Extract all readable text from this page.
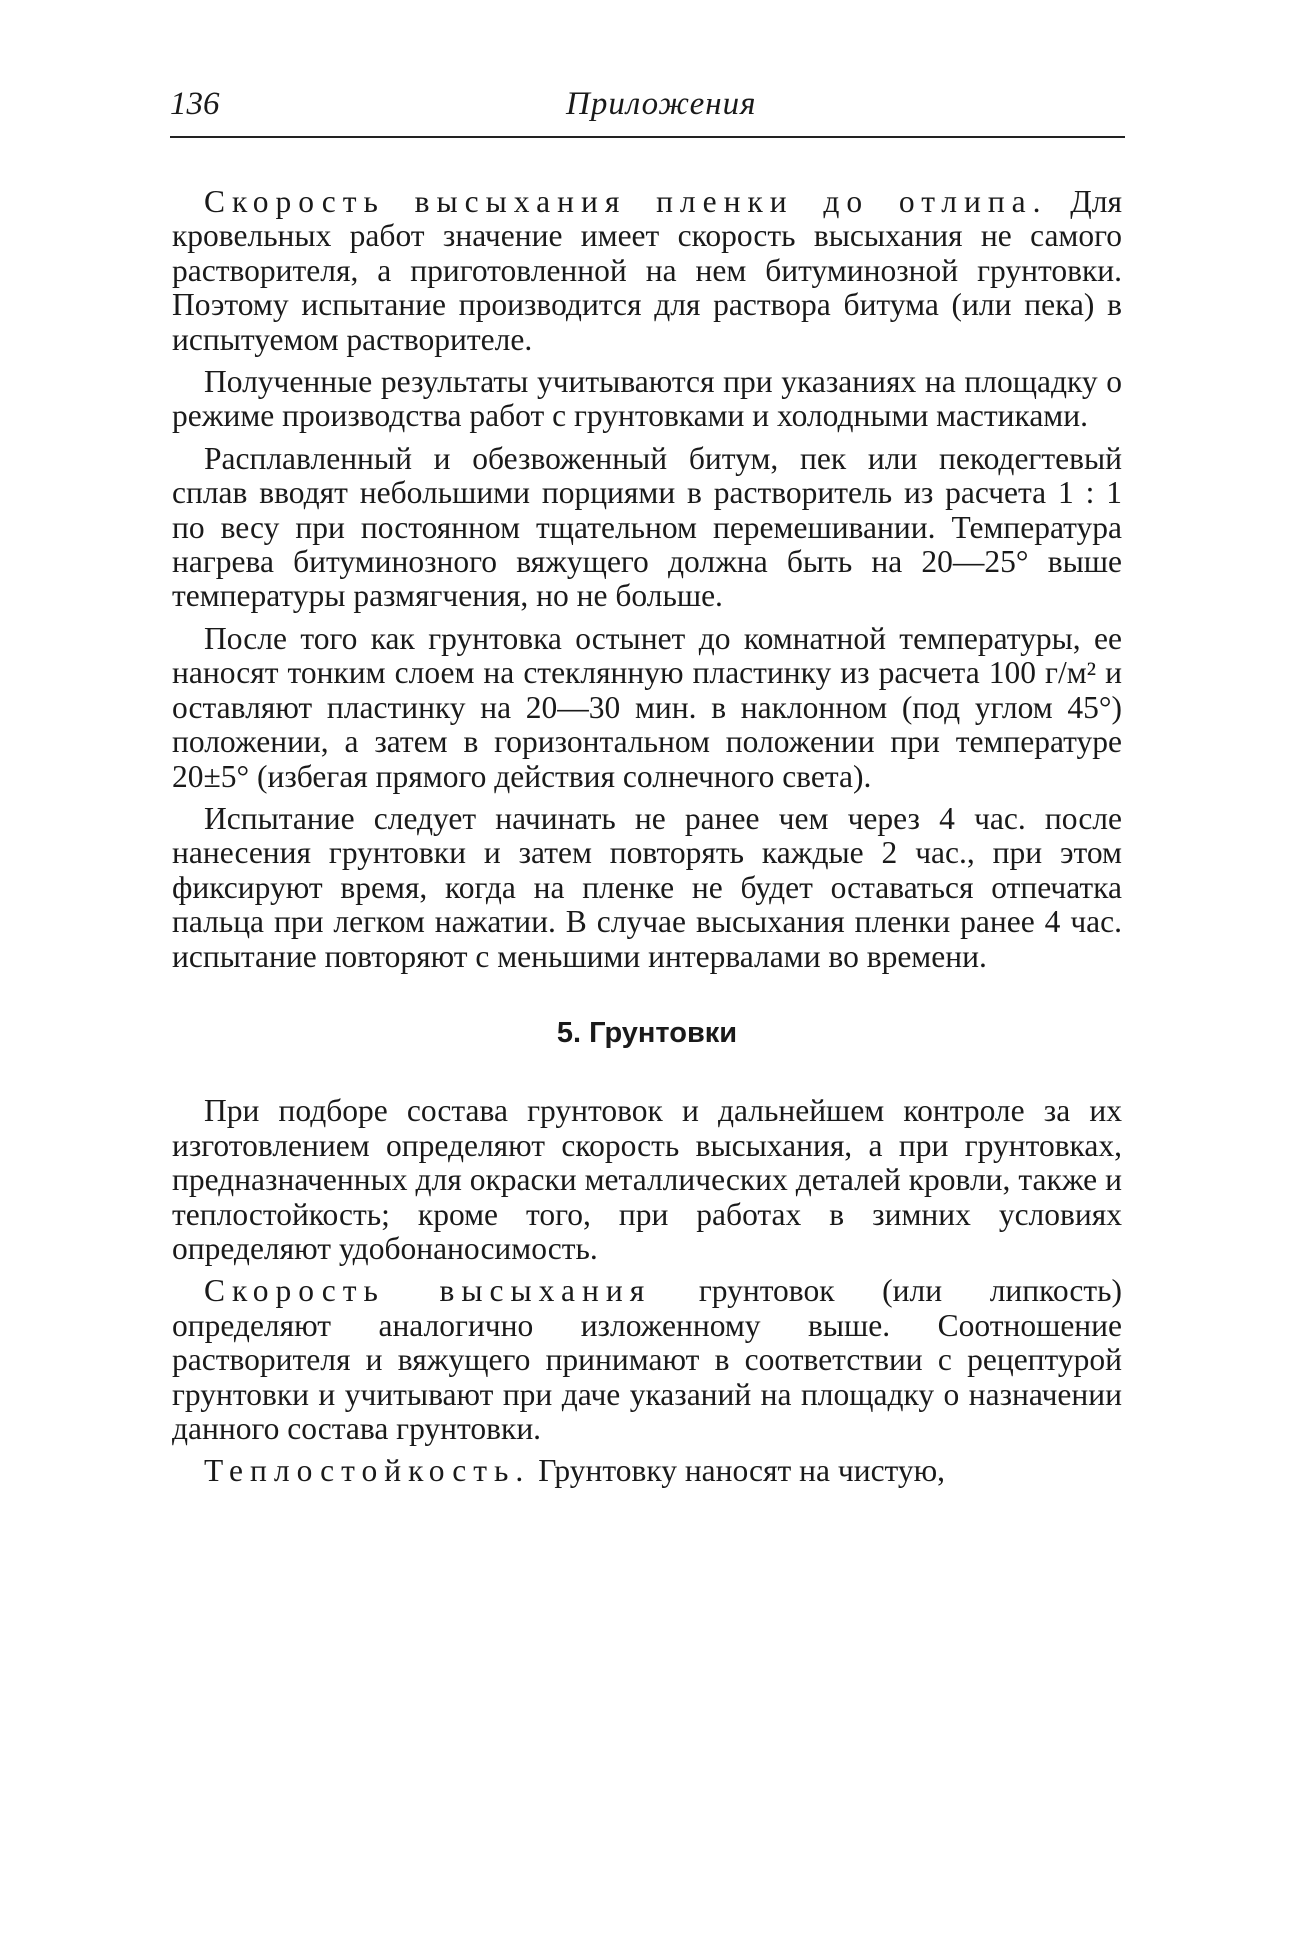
136	Приложения

Скорость высыхания пленки до отлипа. Для кровельных работ значение имеет скорость высыхания не самого растворителя, а приготовленной на нем битуминозной грунтовки. Поэтому испытание производится для раствора битума (или пека) в испытуемом растворителе.

Полученные результаты учитываются при указаниях на площадку о режиме производства работ с грунтовками и холодными мастиками.

Расплавленный и обезвоженный битум, пек или пекодегтевый сплав вводят небольшими порциями в растворитель из расчета 1 : 1 по весу при постоянном тщательном перемешивании. Температура нагрева битуминозного вяжущего должна быть на 20—25° выше температуры размягчения, но не больше.

После того как грунтовка остынет до комнатной температуры, ее наносят тонким слоем на стеклянную пластинку из расчета 100 г/м² и оставляют пластинку на 20—30 мин. в наклонном (под углом 45°) положении, а затем в горизонтальном положении при температуре 20±5° (избегая прямого действия солнечного света).

Испытание следует начинать не ранее чем через 4 час. после нанесения грунтовки и затем повторять каждые 2 час., при этом фиксируют время, когда на пленке не будет оставаться отпечатка пальца при легком нажатии. В случае высыхания пленки ранее 4 час. испытание повторяют с меньшими интервалами во времени.

5. Грунтовки

При подборе состава грунтовок и дальнейшем контроле за их изготовлением определяют скорость высыхания, а при грунтовках, предназначенных для окраски металлических деталей кровли, также и теплостойкость; кроме того, при работах в зимних условиях определяют удобонаносимость.

Скорость высыхания грунтовок (или липкость) определяют аналогично изложенному выше. Соотношение растворителя и вяжущего принимают в соответствии с рецептурой грунтовки и учитывают при даче указаний на площадку о назначении данного состава грунтовки.

Теплостойкость. Грунтовку наносят на чистую,
